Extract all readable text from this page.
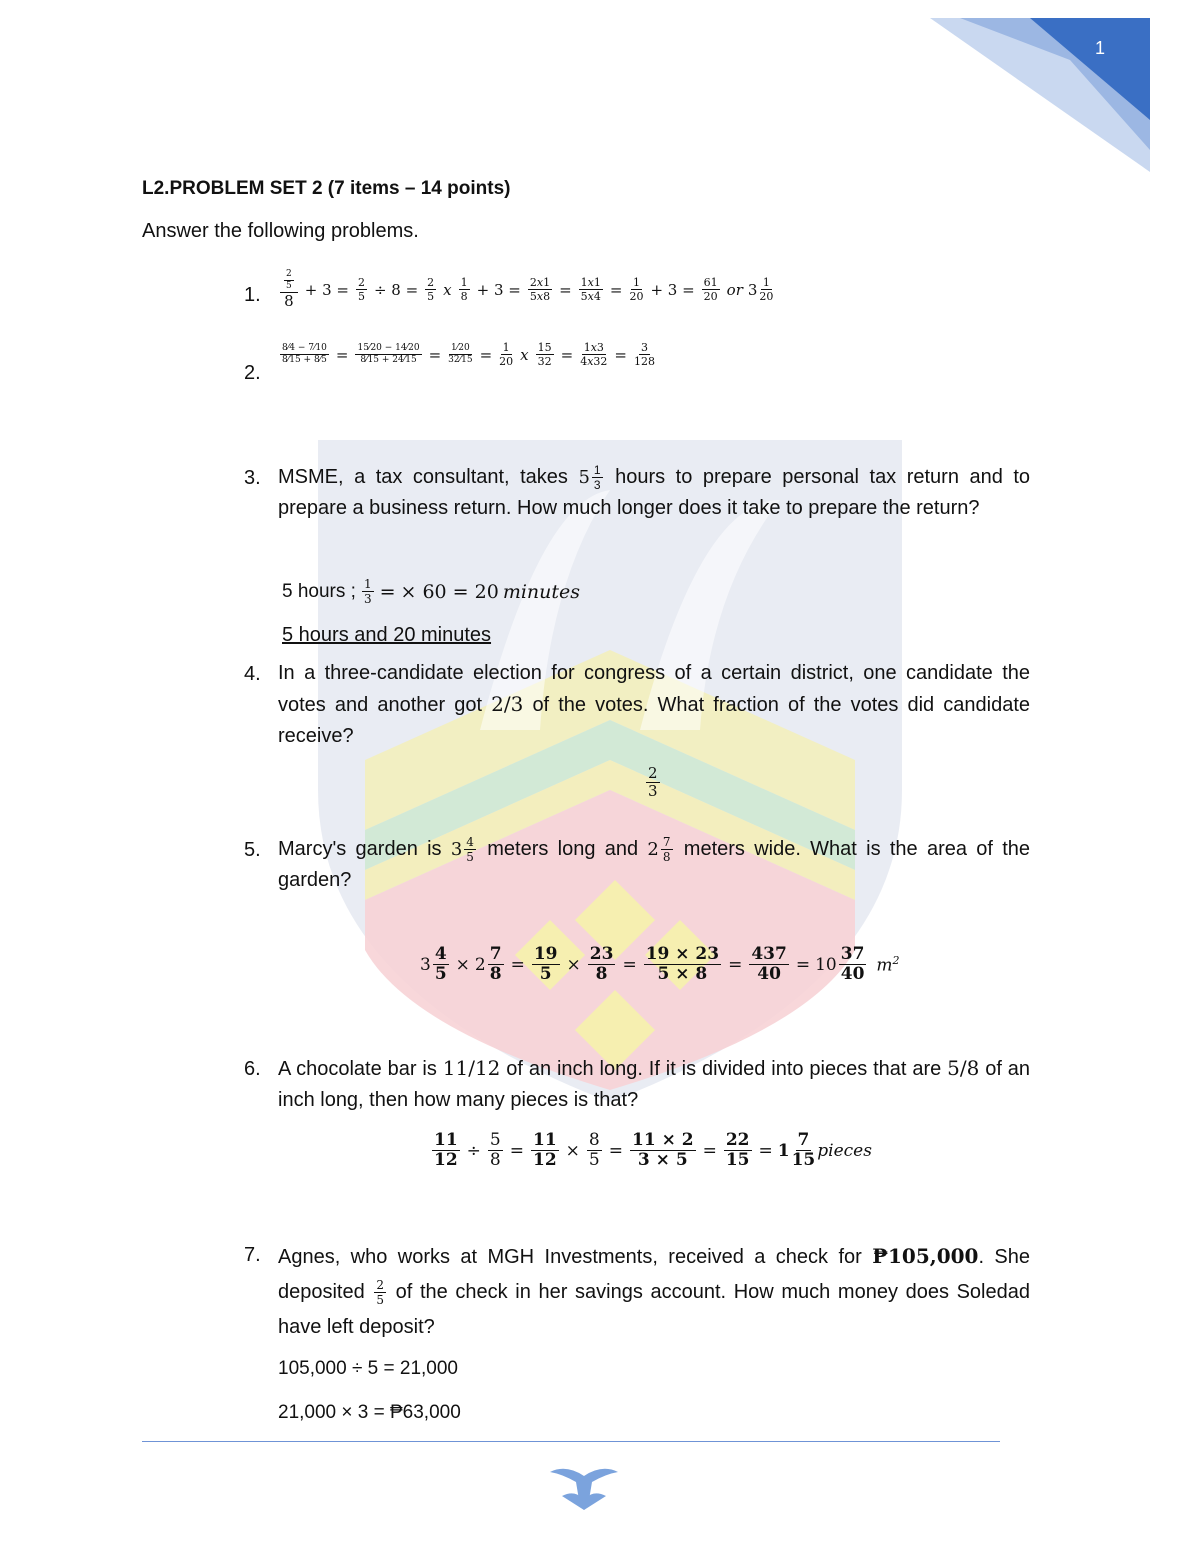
1
L2.PROBLEM SET 2 (7 items – 14 points)
Answer the following problems.
1. $\frac{\frac{2}{5}}{8} + 3 = \frac{2}{5} \div 8 = \frac{2}{5}$ x $\frac{1}{8} + 3 = \frac{2x1}{5x8} = \frac{1x1}{5x4} = \frac{1}{20} + 3 = \frac{61}{20}$ or $3 \frac{1}{20}$
2.
$\frac{8⁄4 - 7⁄10}{8⁄15 + 8⁄5} = \frac{15⁄20 - 14⁄20}{8⁄15 + 24⁄15} = \frac{1⁄20}{32⁄15} = \frac{1}{20}$ x $\frac{15}{32} = \frac{1x3}{4x32} = \frac{3}{128}$
3. MSME, a tax consultant, takes $5 \frac{1}{3}$ hours to prepare personal tax return and to prepare a business return. How much longer does it take to prepare the return?
5 hours ; $\frac{1}{3}$ = × 60 = 20 minutes
5 hours and 20 minutes
4. In a three-candidate election for congress of a certain district, one candidate the votes and another got 2/3 of the votes. What fraction of the votes did candidate receive?
$\frac{2}{3}$
5. Marcy's garden is $3 \frac{4}{5}$ meters long and $2 \frac{7}{8}$ meters wide. What is the area of the garden?
$3 \frac{4}{5} \times 2 \frac{7}{8} = \frac{19}{5} \times \frac{23}{8} = \frac{19 \times 23}{5 \times 8} = \frac{437}{40} = 10 \frac{37}{40} m^2$
6. A chocolate bar is 11/12 of an inch long. If it is divided into pieces that are 5/8 of an inch long, then how many pieces is that?
$\frac{11}{12} \div \frac{5}{8} = \frac{11}{12} \times \frac{8}{5} = \frac{11 \times 2}{3 \times 5} = \frac{22}{15} = 1 \frac{7}{15}$ pieces
7. Agnes, who works at MGH Investments, received a check for ₱105,000. She deposited $\frac{2}{5}$ of the check in her savings account. How much money does Soledad have left deposit?
105,000 ÷ 5 = 21,000
21,000 × 3 = ₱63,000
